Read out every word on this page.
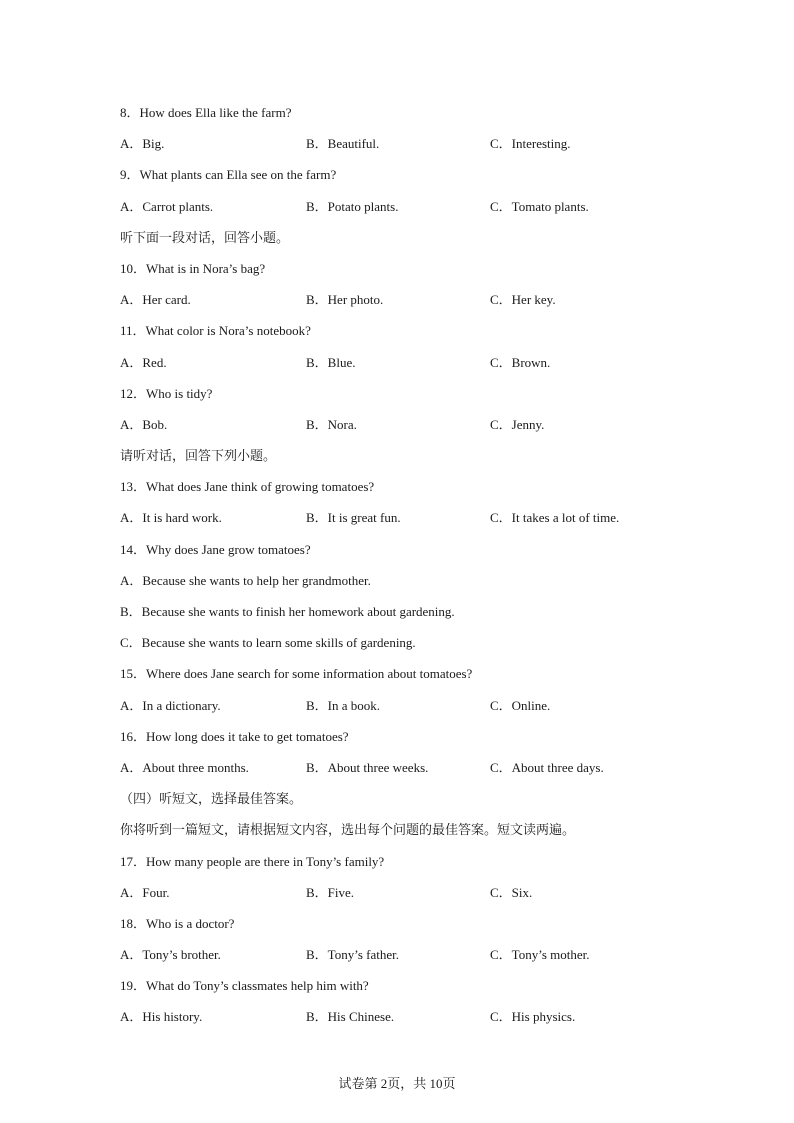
8．How does Ella like the farm?
A．Big.	B．Beautiful.	C．Interesting.
9．What plants can Ella see on the farm?
A．Carrot plants.	B．Potato plants.	C．Tomato plants.
听下面一段对话，回答小题。
10．What is in Nora’s bag?
A．Her card.	B．Her photo.	C．Her key.
11．What color is Nora’s notebook?
A．Red.	B．Blue.	C．Brown.
12．Who is tidy?
A．Bob.	B．Nora.	C．Jenny.
请听对话，回答下列小题。
13．What does Jane think of growing tomatoes?
A．It is hard work.	B．It is great fun.	C．It takes a lot of time.
14．Why does Jane grow tomatoes?
A．Because she wants to help her grandmother.
B．Because she wants to finish her homework about gardening.
C．Because she wants to learn some skills of gardening.
15．Where does Jane search for some information about tomatoes?
A．In a dictionary.	B．In a book.	C．Online.
16．How long does it take to get tomatoes?
A．About three months.	B．About three weeks.	C．About three days.
（四）听短文，选择最佳答案。
你将听到一篇短文，请根据短文内容，选出每个问题的最佳答案。短文读两遍。
17．How many people are there in Tony’s family?
A．Four.	B．Five.	C．Six.
18．Who is a doctor?
A．Tony’s brother.	B．Tony’s father.	C．Tony’s mother.
19．What do Tony’s classmates help him with?
A．His history.	B．His Chinese.	C．His physics.
试卷第 2页，共 10页
